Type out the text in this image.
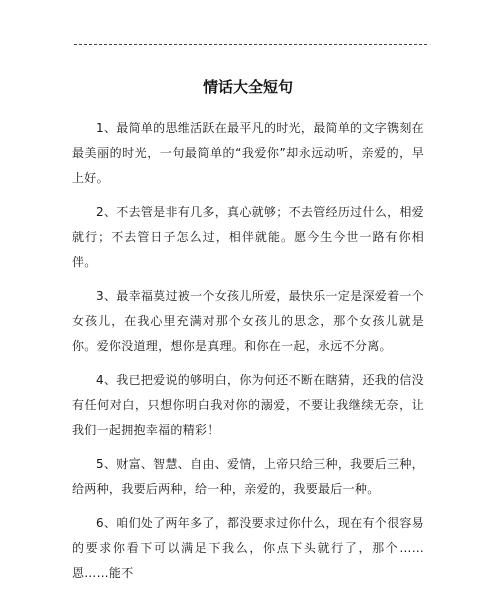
情话大全短句

1、最简单的思维活跃在最平凡的时光，最简单的文字镌刻在最美丽的时光，一句最简单的“我爱你”却永远动听，亲爱的，早上好。

2、不去管是非有几多，真心就够；不去管经历过什么，相爱就行；不去管日子怎么过，相伴就能。愿今生今世一路有你相伴。

3、最幸福莫过被一个女孩儿所爱，最快乐一定是深爱着一个女孩儿，在我心里充满对那个女孩儿的思念，那个女孩儿就是你。爱你没道理，想你是真理。和你在一起，永远不分离。

4、我已把爱说的够明白，你为何还不断在瞎猜，还我的信没有任何对白，只想你明白我对你的溺爱，不要让我继续无奈，让我们一起拥抱幸福的精彩！

5、财富、智慧、自由、爱情，上帝只给三种，我要后三种，给两种，我要后两种，给一种，亲爱的，我要最后一种。

6、咱们处了两年多了，都没要求过你什么，现在有个很容易的要求你看下可以满足下我么，你点下头就行了，那个……恩……能不
